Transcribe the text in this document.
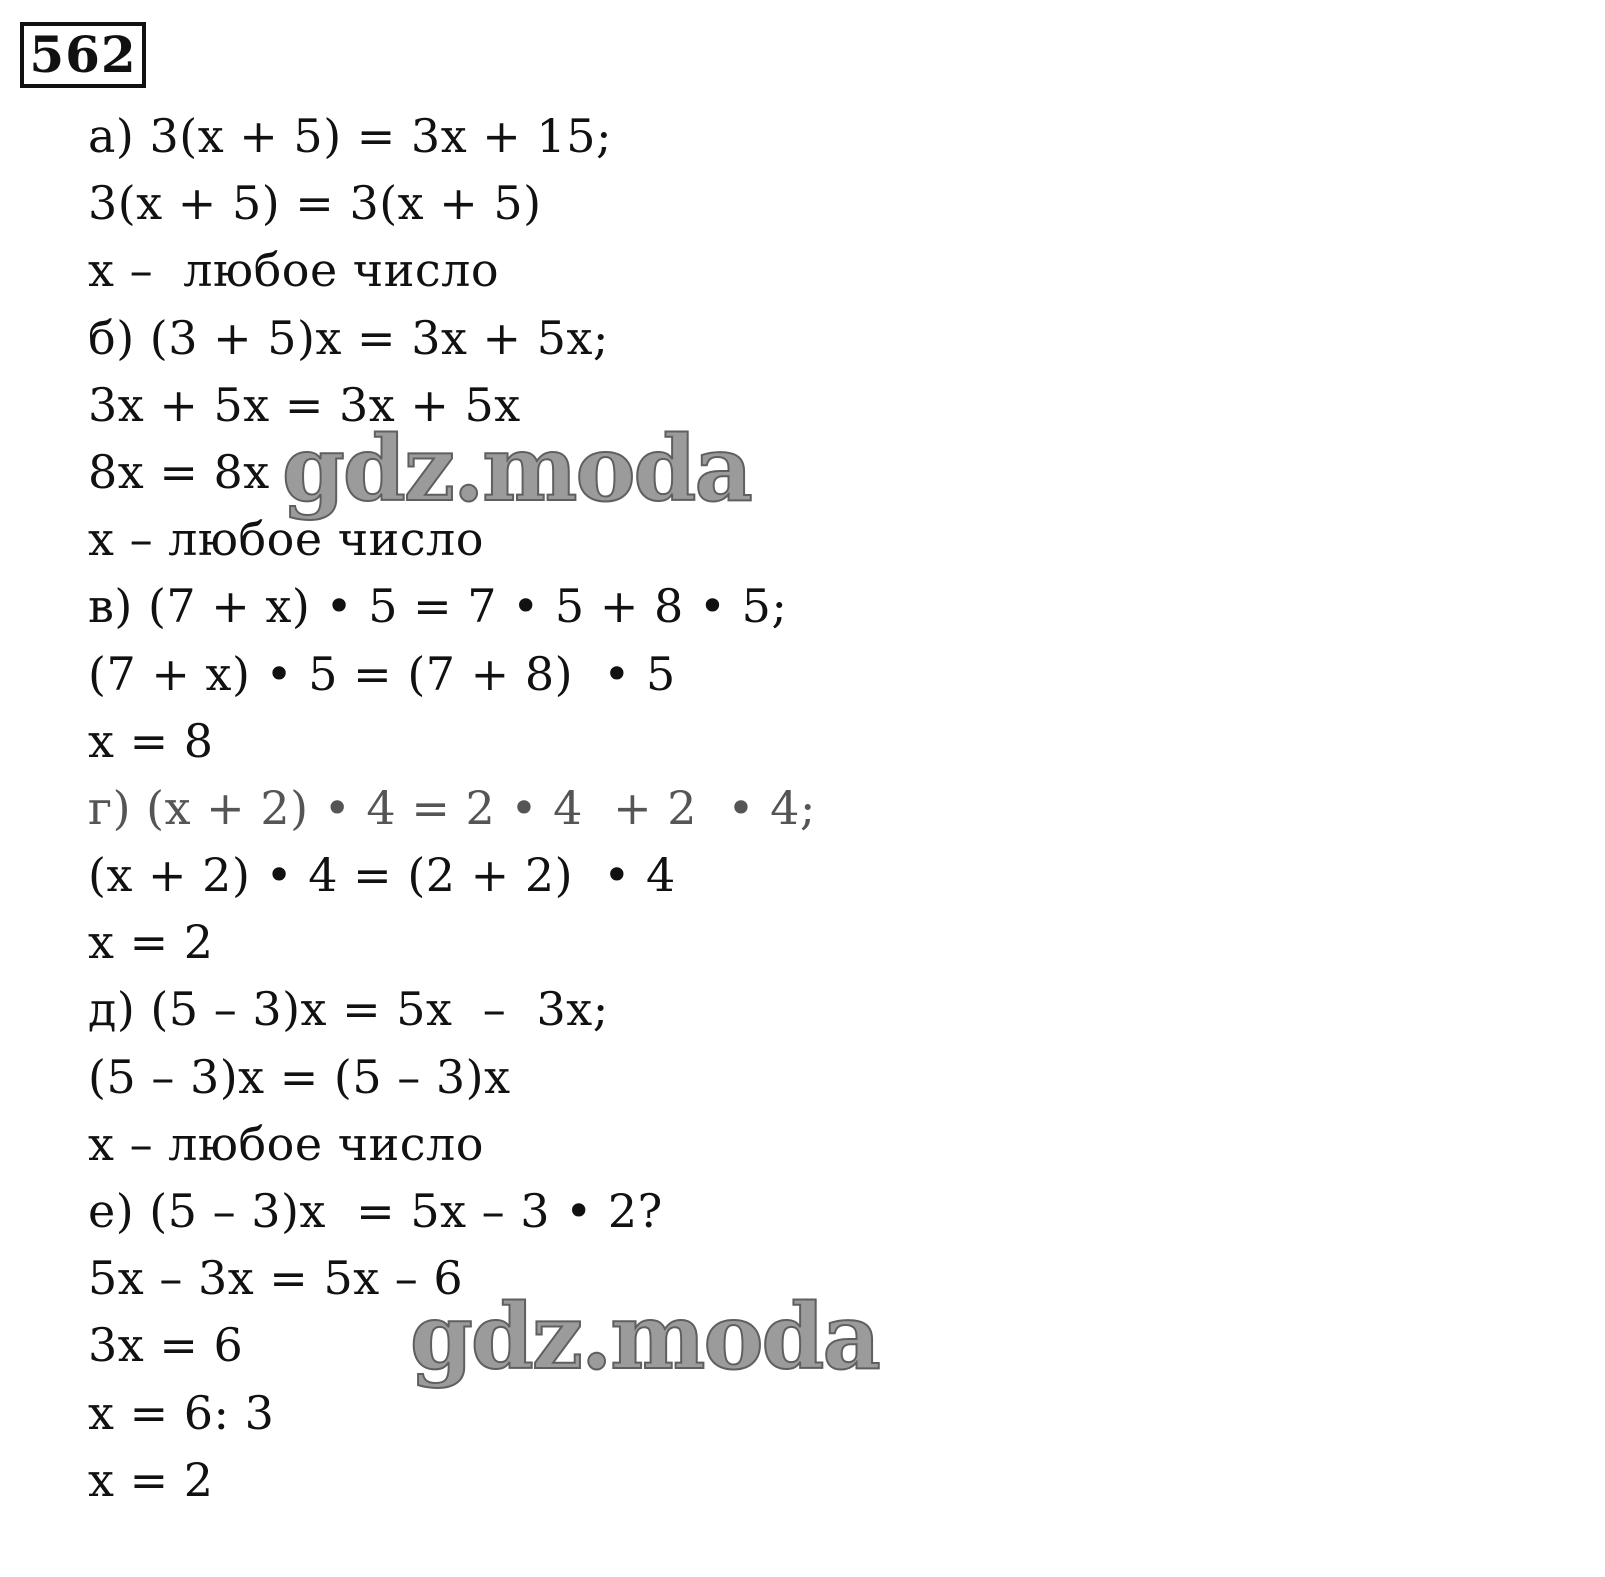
562
а) 3(x + 5) = 3x + 15;
3(x + 5) = 3(x + 5)
x –  любое число
б) (3 + 5)x = 3x + 5x;
3x + 5x = 3x + 5x
8x = 8x
x – любое число
в) (7 + x) • 5 = 7 • 5 + 8 • 5;
(7 + x) • 5 = (7 + 8)  • 5
x = 8
г) (x + 2) • 4 = 2 • 4  + 2  • 4;
(x + 2) • 4 = (2 + 2)  • 4
x = 2
д) (5 – 3)x = 5x  –  3x;
(5 – 3)x = (5 – 3)x
x – любое число
е) (5 – 3)x  = 5x – 3 • 2?
5x – 3x = 5x – 6
3x = 6
x = 6: 3
x = 2
gdz.moda
gdz.moda
